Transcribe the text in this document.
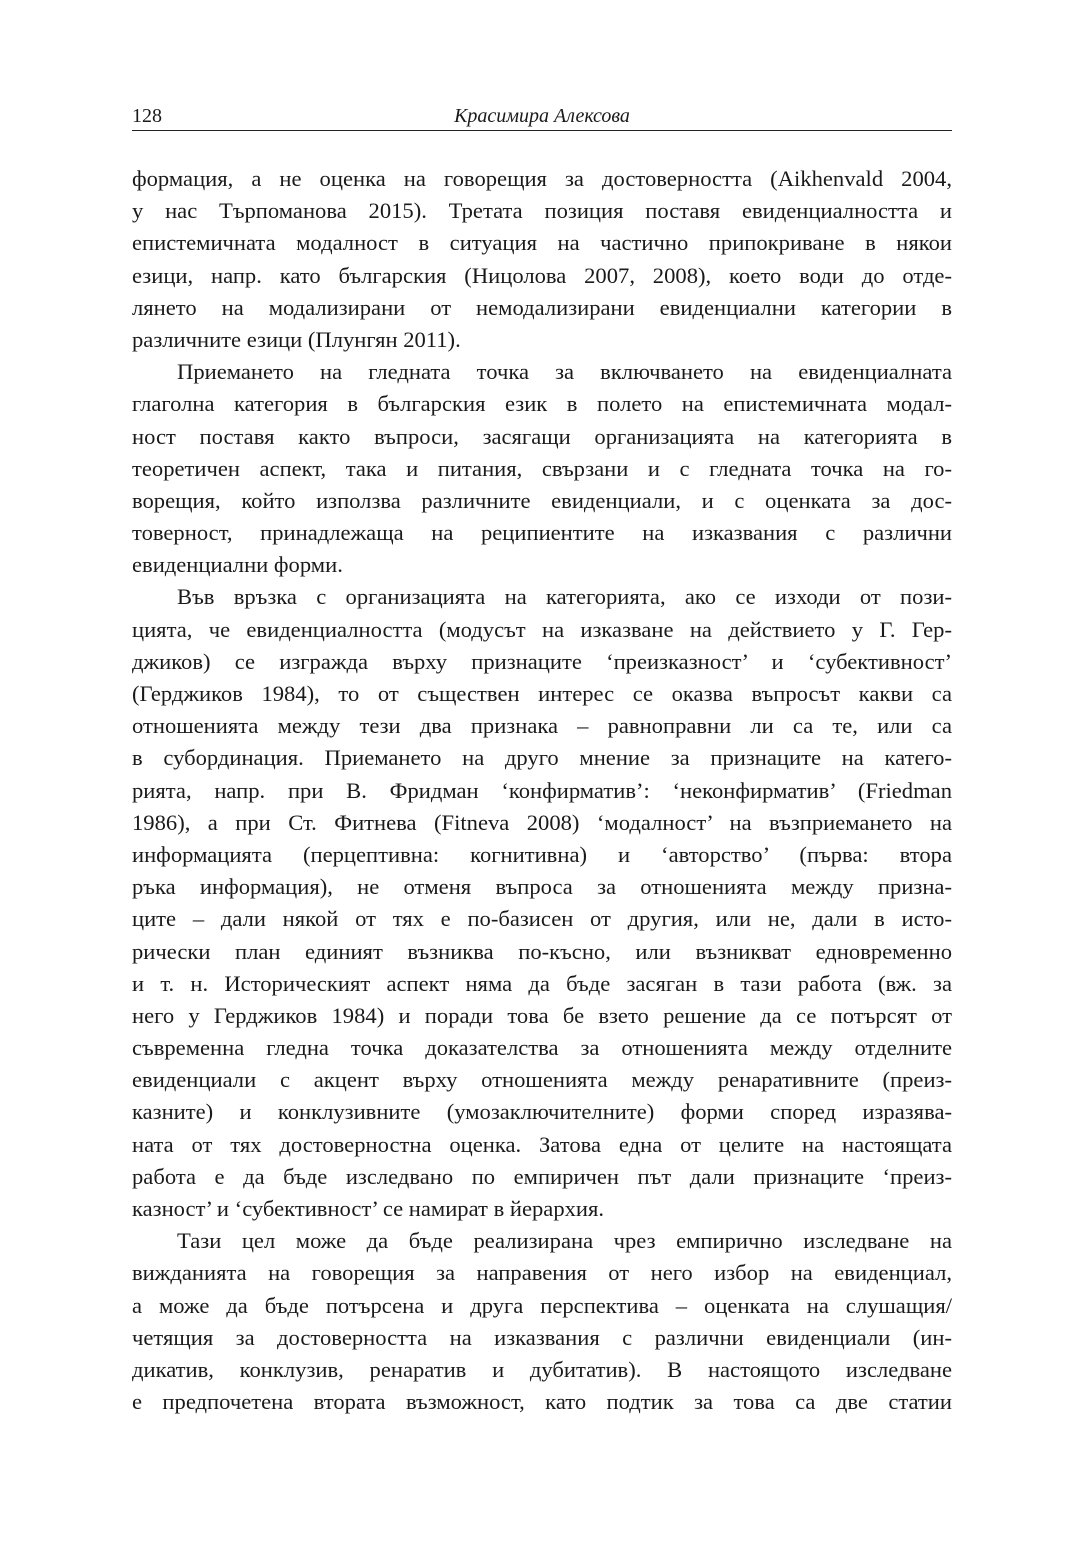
128	Красимира Алексова
формация, а не оценка на говорещия за достоверността (Aikhenvald 2004,
у нас Търпоманова 2015). Третата позиция поставя евиденциалността и
епистемичната модалност в ситуация на частично припокриване в някои
езици, напр. като българския (Ницолова 2007, 2008), което води до отде-
лянето на модализирани от немодализирани евиденциални категории в
различните езици (Плунгян 2011).
Приемането на гледната точка за включването на евиденциалната
глаголна категория в българския език в полето на епистемичната модал-
ност поставя както въпроси, засягащи организацията на категорията в
теоретичен аспект, така и питания, свързани и с гледната точка на го-
ворещия, който използва различните евиденциали, и с оценката за дос-
товерност, принадлежаща на реципиентите на изказвания с различни
евиденциални форми.
Във връзка с организацията на категорията, ако се изходи от пози-
цията, че евиденциалността (модусът на изказване на действието у Г. Гер-
джиков) се изгражда върху признаците ‘преизказност’ и ‘субективност’
(Герджиков 1984), то от съществен интерес се оказва въпросът какви са
отношенията между тези два признака – равноправни ли са те, или са
в субординация. Приемането на друго мнение за признаците на катего-
рията, напр. при В. Фридман ‘конфирматив’: ‘неконфирматив’ (Friedman
1986), а при Ст. Фитнева (Fitneva 2008) ‘модалност’ на възприемането на
информацията (перцептивна: когнитивна) и ‘авторство’ (първа: втора
ръка информация), не отменя въпроса за отношенията между призна-
ците – дали някой от тях е по-базисен от другия, или не, дали в исто-
рически план единият възниква по-късно, или възникват едновременно
и т. н. Историческият аспект няма да бъде засяган в тази работа (вж. за
него у Герджиков 1984) и поради това бе взето решение да се потърсят от
съвременна гледна точка доказателства за отношенията между отделните
евиденциали с акцент върху отношенията между ренаративните (преиз-
казните) и конклузивните (умозаключителните) форми според изразява-
ната от тях достоверностна оценка. Затова една от целите на настоящата
работа е да бъде изследвано по емпиричен път дали признаците ‘преиз-
казност’ и ‘субективност’ се намират в йерархия.
Тази цел може да бъде реализирана чрез емпирично изследване на
вижданията на говорещия за направения от него избор на евиденциал,
а може да бъде потърсена и друга перспектива – оценката на слушащия/
четящия за достоверността на изказвания с различни евиденциали (ин-
дикатив, конклузив, ренаратив и дубитатив). В настоящото изследване
е предпочетена втората възможност, като подтик за това са две статии
